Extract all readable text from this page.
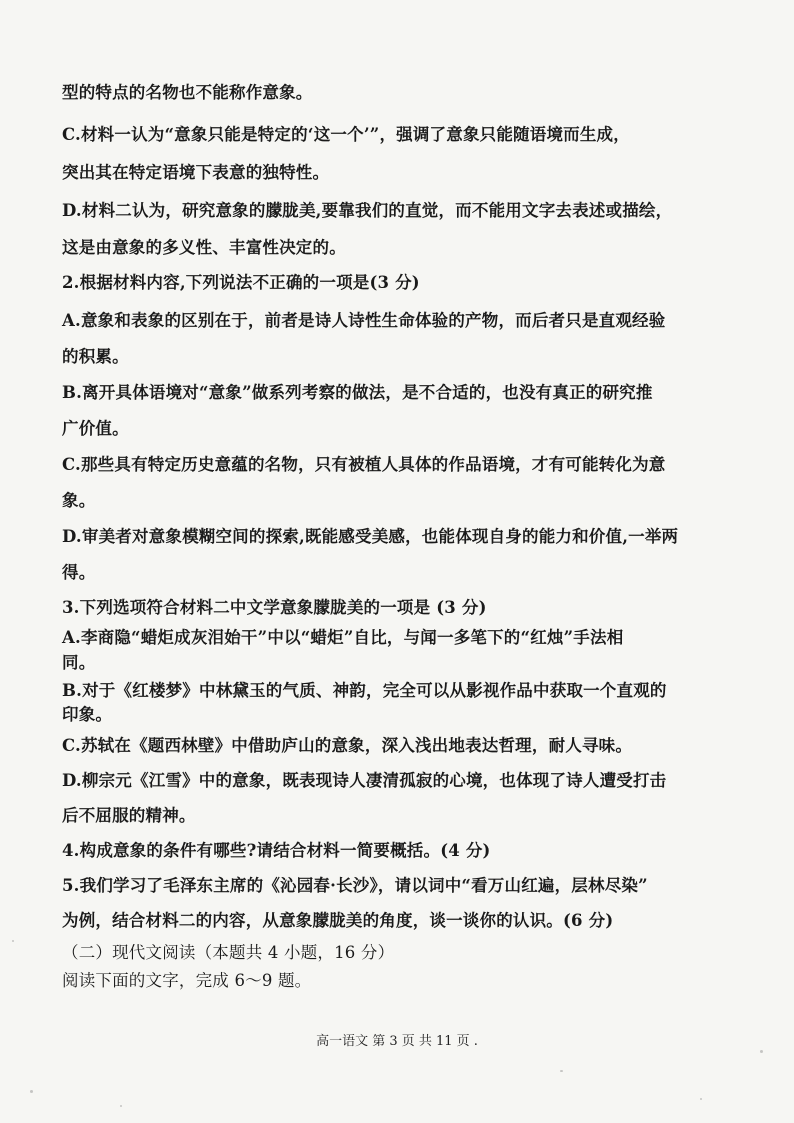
型的特点的名物也不能称作意象。
C.材料一认为“意象只能是特定的‘这一个’”，强调了意象只能随语境而生成，
突出其在特定语境下表意的独特性。
D.材料二认为，研究意象的朦胧美,要靠我们的直觉，而不能用文字去表述或描绘，
这是由意象的多义性、丰富性决定的。
2.根据材料内容,下列说法不正确的一项是(3 分)
A.意象和表象的区别在于，前者是诗人诗性生命体验的产物，而后者只是直观经验
的积累。
B.离开具体语境对“意象”做系列考察的做法，是不合适的，也没有真正的研究推
广价值。
C.那些具有特定历史意蕴的名物，只有被植人具体的作品语境，才有可能转化为意
象。
D.审美者对意象模糊空间的探索,既能感受美感，也能体现自身的能力和价值,一举两
得。
3.下列选项符合材料二中文学意象朦胧美的一项是 (3 分)
A.李商隐“蜡炬成灰泪始干”中以“蜡炬”自比，与闻一多笔下的“红烛”手法相
同。
B.对于《红楼梦》中林黛玉的气质、神韵，完全可以从影视作品中获取一个直观的
印象。
C.苏轼在《题西林壁》中借助庐山的意象，深入浅出地表达哲理，耐人寻味。
D.柳宗元《江雪》中的意象，既表现诗人凄清孤寂的心境，也体现了诗人遭受打击
后不屈服的精神。
4.构成意象的条件有哪些?请结合材料一简要概括。(4 分)
5.我们学习了毛泽东主席的《沁园春·长沙》，请以词中“看万山红遍，层林尽染”
为例，结合材料二的内容，从意象朦胧美的角度，谈一谈你的认识。(6 分)
（二）现代文阅读（本题共 4 小题，16 分）
阅读下面的文字，完成 6～9 题。
高一语文 第 3 页 共 11 页 .
